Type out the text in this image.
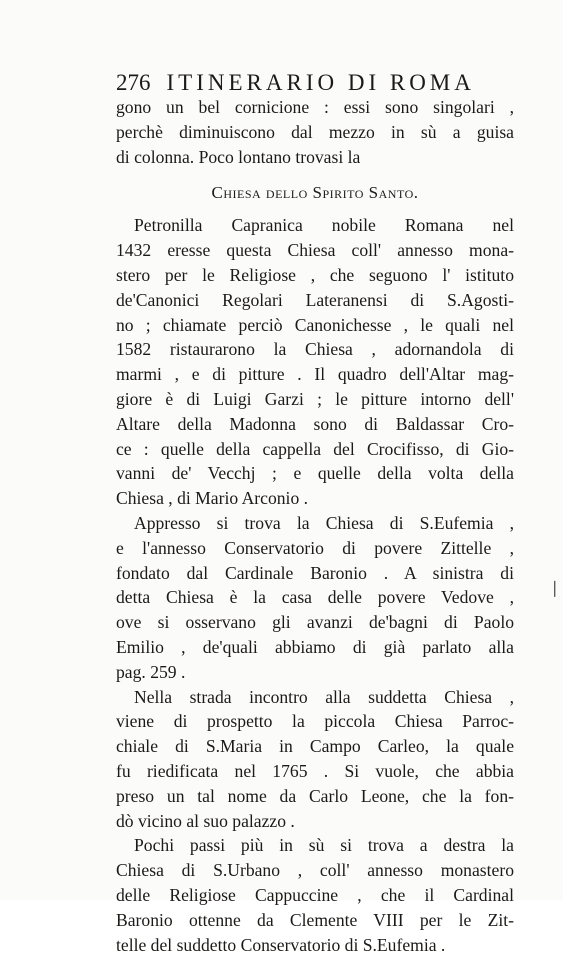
276 ITINERARIO DI ROMA
gono un bel cornicione : essi sono singolari ,
perchè diminuiscono dal mezzo in sù a guisa
di colonna. Poco lontano trovasi la
Chiesa dello Spirito Santo.
Petronilla Capranica nobile Romana nel
1432 eresse questa Chiesa coll' annesso mona-
stero per le Religiose , che seguono l' istituto
de'Canonici Regolari Lateranensi di S.Agosti-
no ; chiamate perciò Canonichesse , le quali nel
1582 ristaurarono la Chiesa , adornandola di
marmi , e di pitture . Il quadro dell'Altar mag-
giore è di Luigi Garzi ; le pitture intorno dell'
Altare della Madonna sono di Baldassar Cro-
ce : quelle della cappella del Crocifisso, di Gio-
vanni de' Vecchj ; e quelle della volta della
Chiesa , di Mario Arconio .
Appresso si trova la Chiesa di S.Eufemia ,
e l'annesso Conservatorio di povere Zittelle ,
fondato dal Cardinale Baronio . A sinistra di
detta Chiesa è la casa delle povere Vedove ,
ove si osservano gli avanzi de'bagni di Paolo
Emilio , de'quali abbiamo di già parlato alla
pag. 259 .
Nella strada incontro alla suddetta Chiesa ,
viene di prospetto la piccola Chiesa Parroc-
chiale di S.Maria in Campo Carleo, la quale
fu riedificata nel 1765 . Si vuole, che abbia
preso un tal nome da Carlo Leone, che la fon-
dò vicino al suo palazzo .
Pochi passi più in sù si trova a destra la
Chiesa di S.Urbano , coll' annesso monastero
delle Religiose Cappuccine , che il Cardinal
Baronio ottenne da Clemente VIII per le Zit-
telle del suddetto Conservatorio di S.Eufemia .
❘
